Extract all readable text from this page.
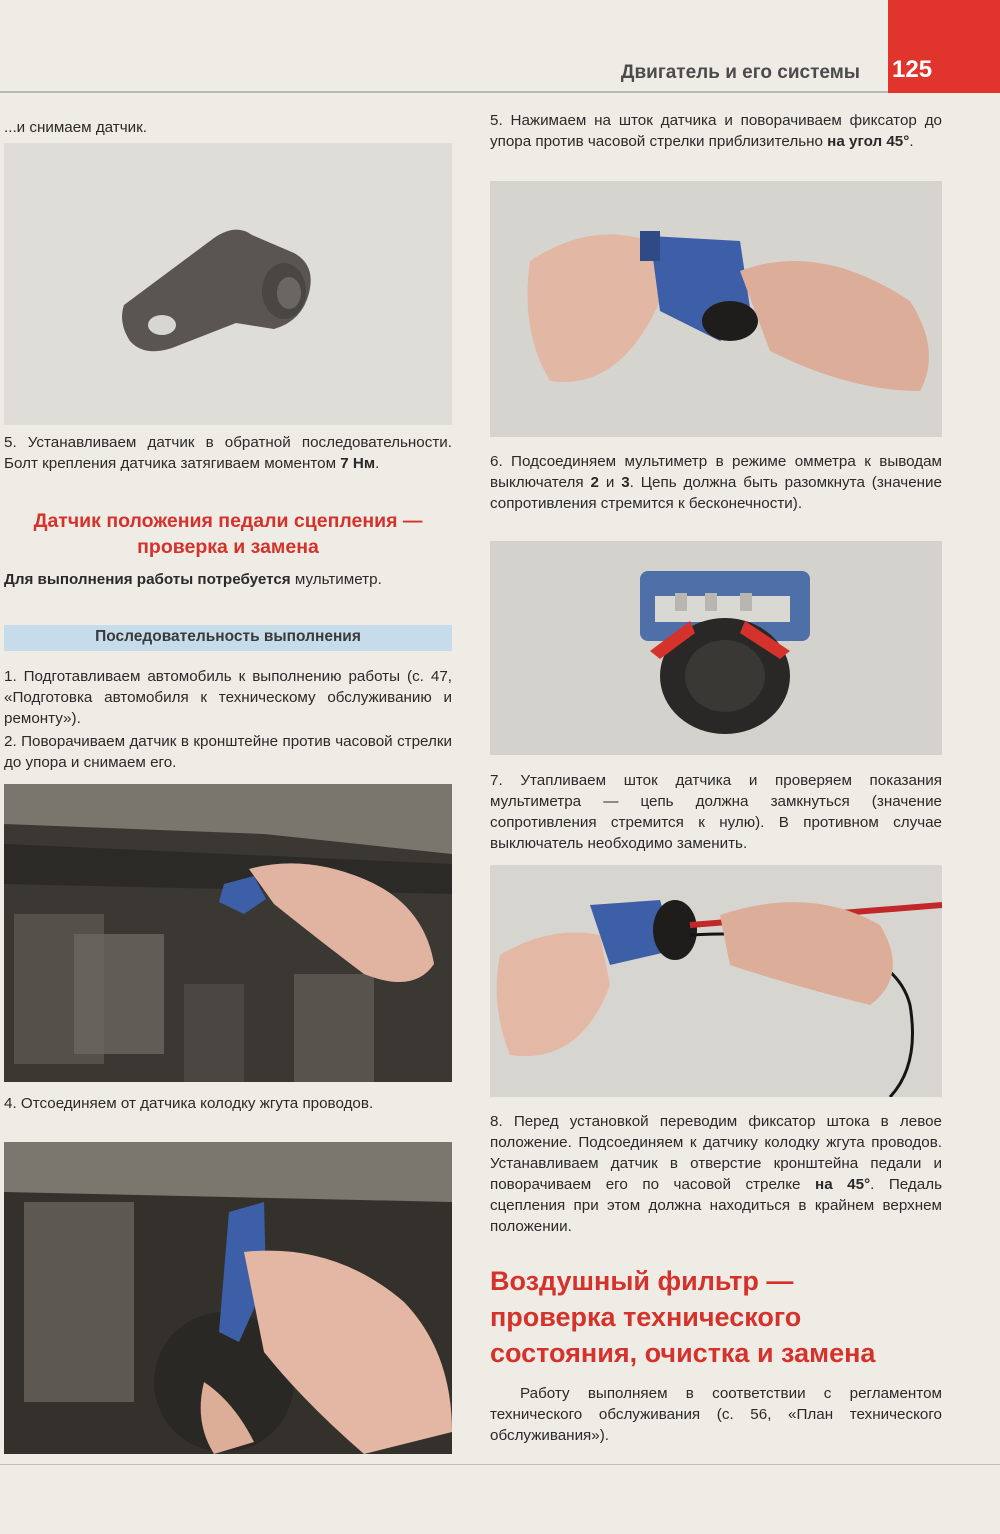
Двигатель и его системы 125
...и снимаем датчик.
5. Устанавливаем датчик в обратной последовательности. Болт крепления датчика затягиваем моментом 7 Нм.
Датчик положения педали сцепления —
проверка и замена
Для выполнения работы потребуется мультиметр.
Последовательность выполнения
1. Подготавливаем автомобиль к выполнению работы (с. 47, «Подготовка автомобиля к техническому обслуживанию и ремонту»).
2. Поворачиваем датчик в кронштейне против часовой стрелки до упора и снимаем его.
4. Отсоединяем от датчика колодку жгута проводов.
5. Нажимаем на шток датчика и поворачиваем фиксатор до упора против часовой стрелки приблизительно на угол 45°.
6. Подсоединяем мультиметр в режиме омметра к выводам выключателя 2 и 3. Цепь должна быть разомкнута (значение сопротивления стремится к бесконечности).
7. Утапливаем шток датчика и проверяем показания мультиметра — цепь должна замкнуться (значение сопротивления стремится к нулю). В противном случае выключатель необходимо заменить.
8. Перед установкой переводим фиксатор штока в левое положение. Подсоединяем к датчику колодку жгута проводов. Устанавливаем датчик в отверстие кронштейна педали и поворачиваем его по часовой стрелке на 45°. Педаль сцепления при этом должна находиться в крайнем верхнем положении.
Воздушный фильтр —
проверка технического
состояния, очистка и замена
Работу выполняем в соответствии с регламентом технического обслуживания (с. 56, «План технического обслуживания»).
